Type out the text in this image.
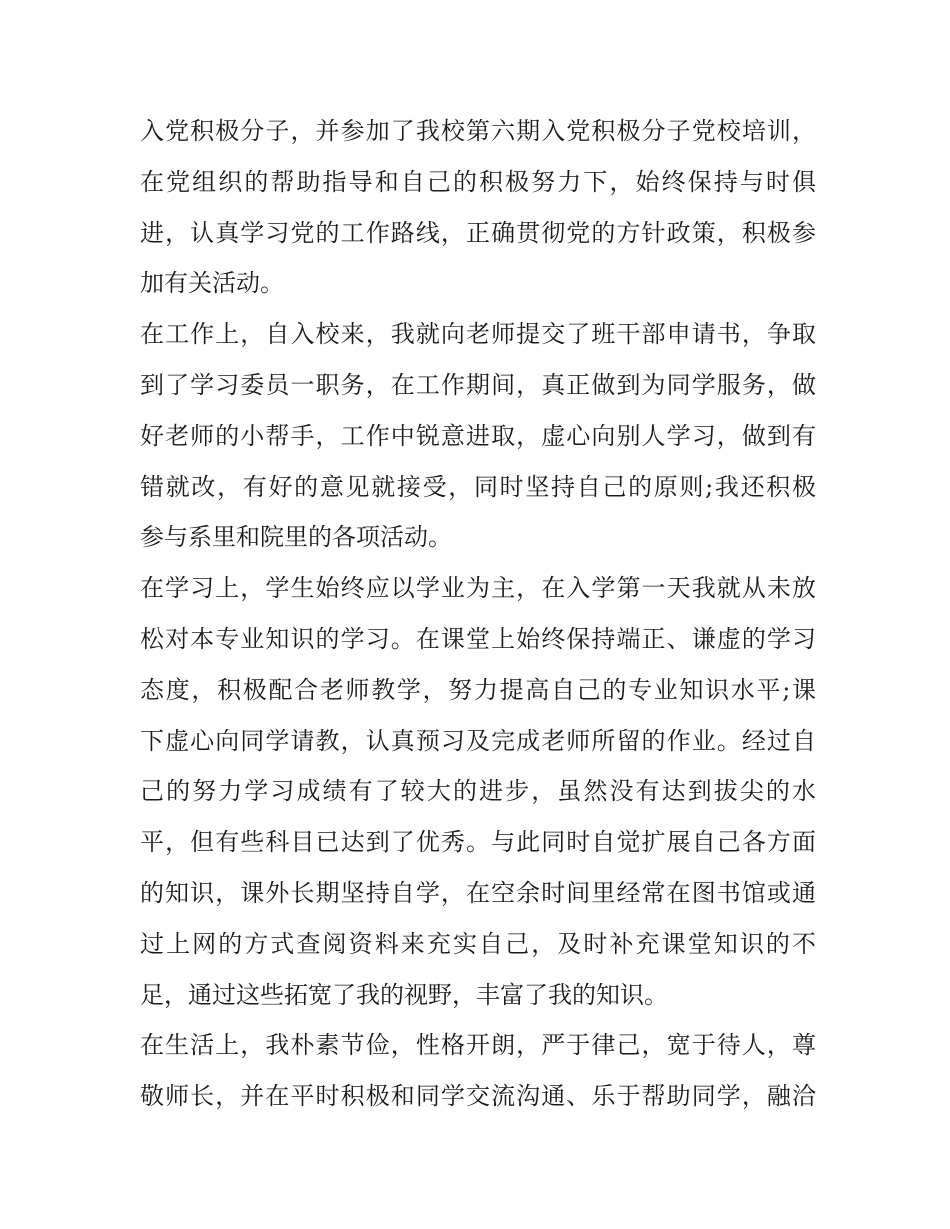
入党积极分子，并参加了我校第六期入党积极分子党校培训，
在党组织的帮助指导和自己的积极努力下，始终保持与时俱
进，认真学习党的工作路线，正确贯彻党的方针政策，积极参
加有关活动。
在工作上，自入校来，我就向老师提交了班干部申请书，争取
到了学习委员一职务，在工作期间，真正做到为同学服务，做
好老师的小帮手，工作中锐意进取，虚心向别人学习，做到有
错就改，有好的意见就接受，同时坚持自己的原则;我还积极
参与系里和院里的各项活动。
在学习上，学生始终应以学业为主，在入学第一天我就从未放
松对本专业知识的学习。在课堂上始终保持端正、谦虚的学习
态度，积极配合老师教学，努力提高自己的专业知识水平;课
下虚心向同学请教，认真预习及完成老师所留的作业。经过自
己的努力学习成绩有了较大的进步，虽然没有达到拔尖的水
平，但有些科目已达到了优秀。与此同时自觉扩展自己各方面
的知识，课外长期坚持自学，在空余时间里经常在图书馆或通
过上网的方式查阅资料来充实自己，及时补充课堂知识的不
足，通过这些拓宽了我的视野，丰富了我的知识。
在生活上，我朴素节俭，性格开朗，严于律己，宽于待人，尊
敬师长，并在平时积极和同学交流沟通、乐于帮助同学，融洽
